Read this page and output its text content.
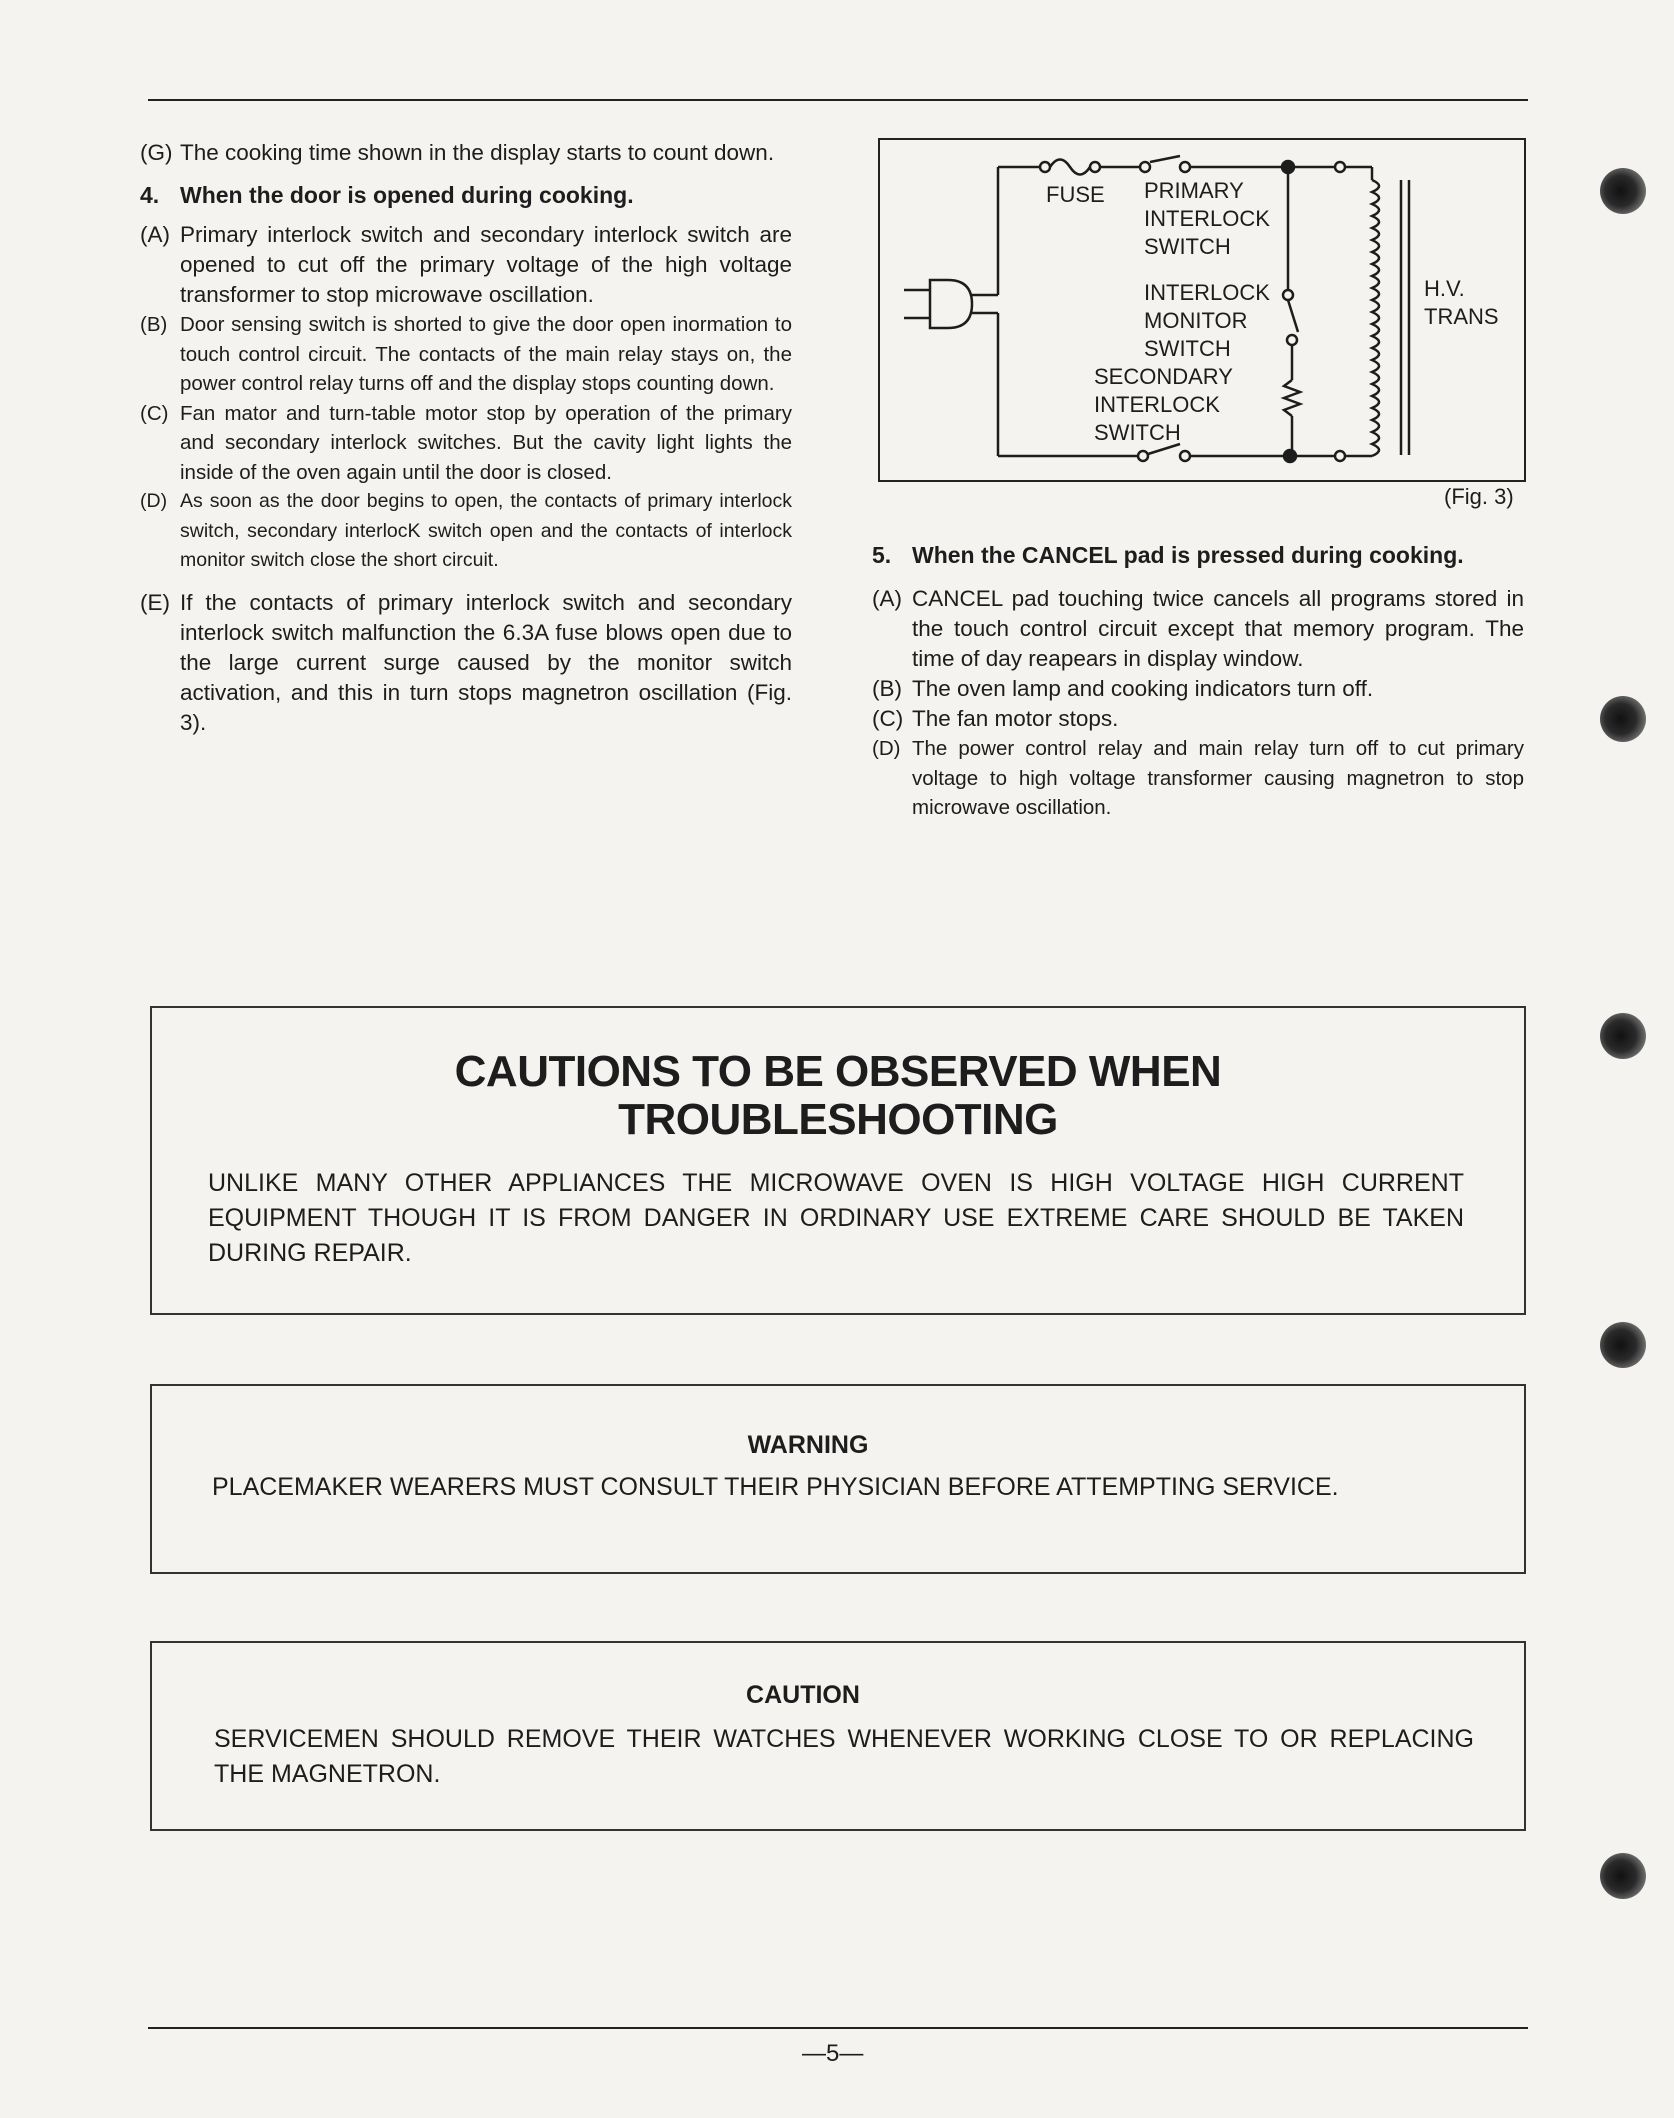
(G) The cooking time shown in the display starts to count down.
4. When the door is opened during cooking.
(A) Primary interlock switch and secondary interlock switch are opened to cut off the primary voltage of the high voltage transformer to stop microwave oscillation.
(B) Door sensing switch is shorted to give the door open inormation to touch control circuit. The contacts of the main relay stays on, the power control relay turns off and the display stops counting down.
(C) Fan mator and turn-table motor stop by operation of the primary and secondary interlock switches. But the cavity light lights the inside of the oven again until the door is closed.
(D) As soon as the door begins to open, the contacts of primary interlock switch, secondary interlocK switch open and the contacts of interlock monitor switch close the short circuit.
(E) If the contacts of primary interlock switch and secondary interlock switch malfunction the 6.3A fuse blows open due to the large current surge caused by the monitor switch activation, and this in turn stops magnetron oscillation (Fig. 3).
FUSE PRIMARY
INTERLOCK
SWITCH
INTERLOCK
MONITOR
SWITCH
SECONDARY
INTERLOCK
SWITCH
H.V.
TRANS
(Fig. 3)
5. When the CANCEL pad is pressed during cooking.
(A) CANCEL pad touching twice cancels all programs stored in the touch control circuit except that memory program. The time of day reapears in display window.
(B) The oven lamp and cooking indicators turn off.
(C) The fan motor stops.
(D) The power control relay and main relay turn off to cut primary voltage to high voltage transformer causing magnetron to stop microwave oscillation.
CAUTIONS TO BE OBSERVED WHEN
TROUBLESHOOTING
UNLIKE MANY OTHER APPLIANCES THE MICROWAVE OVEN IS HIGH VOLTAGE HIGH CURRENT EQUIPMENT THOUGH IT IS FROM DANGER IN ORDINARY USE EXTREME CARE SHOULD BE TAKEN DURING REPAIR.
WARNING
PLACEMAKER WEARERS MUST CONSULT THEIR PHYSICIAN BEFORE ATTEMPTING SERVICE.
CAUTION
SERVICEMEN SHOULD REMOVE THEIR WATCHES WHENEVER WORKING CLOSE TO OR REPLACING THE MAGNETRON.
—5—
